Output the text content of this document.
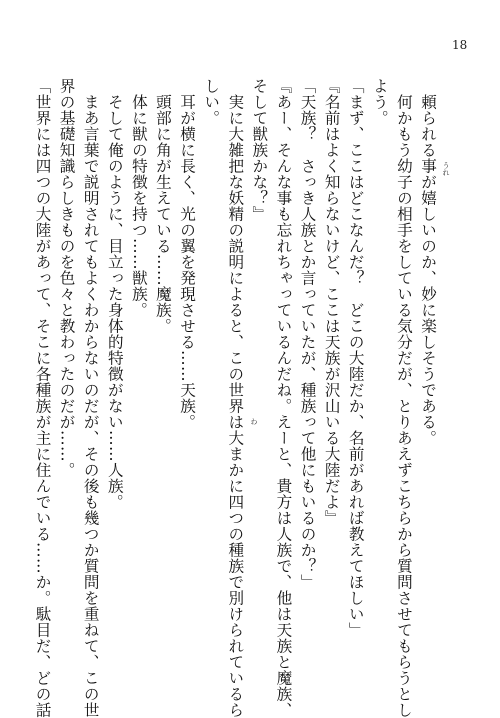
18
うれ
わ	頼られる事が嬉しいのか、妙に楽しそうである。
何かもう幼子の相手をしている気分だが、とりあえずこちらから質問させてもらうとし
よう。
「まず、ここはどこなんだ？　どこの大陸だか、名前があれば教えてほしい」
『名前はよく知らないけど、ここは天族が沢山いる大陸だよ』
「天族？　さっき人族とか言っていたが、種族って他にもいるのか？」
『あー、そんな事も忘れちゃっているんだね。えーと、貴方は人族で、他は天族と魔族、
そして獣族かな？』
実に大雑把な妖精の説明によると、この世界は大まかに四つの種族で別けられているら
しい。
耳が横に長く、光の翼を発現させる……天族。
頭部に角が生えている……魔族。
体に獣の特徴を持つ……獣族。
そして俺のように、目立った身体的特徴がない……人族。
まあ言葉で説明されてもよくわからないのだが、その後も幾つか質問を重ねて、この世
界の基礎知識らしきものを色々と教わったのだが……。
「世界には四つの大陸があって、そこに各種族が主に住んでいる……か。駄目だ、どの話
